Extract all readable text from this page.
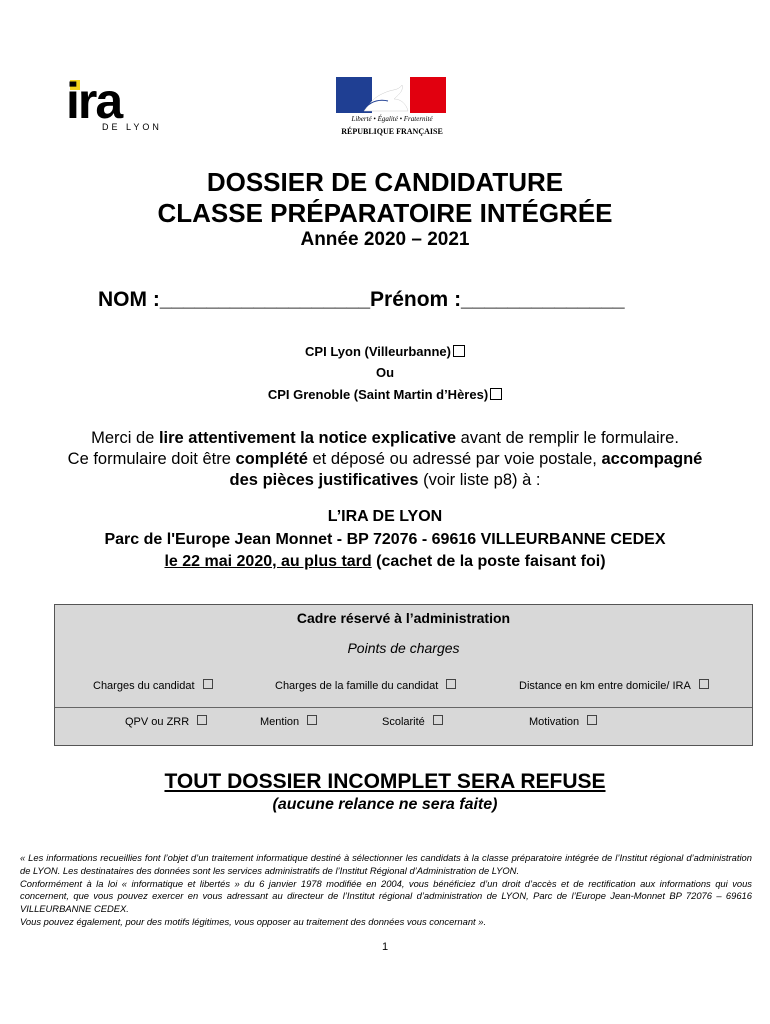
ira
DE LYON
Liberté • Égalité • Fraternité
RÉPUBLIQUE FRANÇAISE
DOSSIER DE CANDIDATURE
CLASSE PRÉPARATOIRE INTÉGRÉE
Année 2020 – 2021
NOM :__________________Prénom :______________
CPI Lyon (Villeurbanne)
Ou
CPI Grenoble (Saint Martin d’Hères)
Merci de lire attentivement la notice explicative avant de remplir le formulaire.
Ce formulaire doit être complété et déposé ou adressé par voie postale, accompagné
des pièces justificatives (voir liste p8) à :
L’IRA DE LYON
Parc de l'Europe Jean Monnet - BP 72076 - 69616 VILLEURBANNE CEDEX
le 22 mai 2020, au plus tard (cachet de la poste faisant foi)
Cadre réservé à l’administration
Points de charges
Charges du candidat	Charges de la famille du candidat	Distance en km entre domicile/ IRA
QPV ou ZRR	Mention	Scolarité	Motivation
TOUT DOSSIER INCOMPLET SERA REFUSE
(aucune relance ne sera faite)

« Les informations recueillies font l’objet d’un traitement informatique destiné à sélectionner les candidats à la classe préparatoire intégrée de l’Institut régional d’administration de LYON. Les destinataires des données sont les services administratifs de l’Institut Régional d’Administration de LYON.

Conformément à la loi « informatique et libertés » du 6 janvier 1978 modifiée en 2004, vous bénéficiez d’un droit d’accès et de rectification aux informations qui vous concernent, que vous pouvez exercer en vous adressant au directeur de l’Institut régional d’administration de LYON, Parc de l’Europe Jean-Monnet BP 72076 – 69616 VILLEURBANNE CEDEX.

Vous pouvez également, pour des motifs légitimes, vous opposer au traitement des données vous concernant ».

1
